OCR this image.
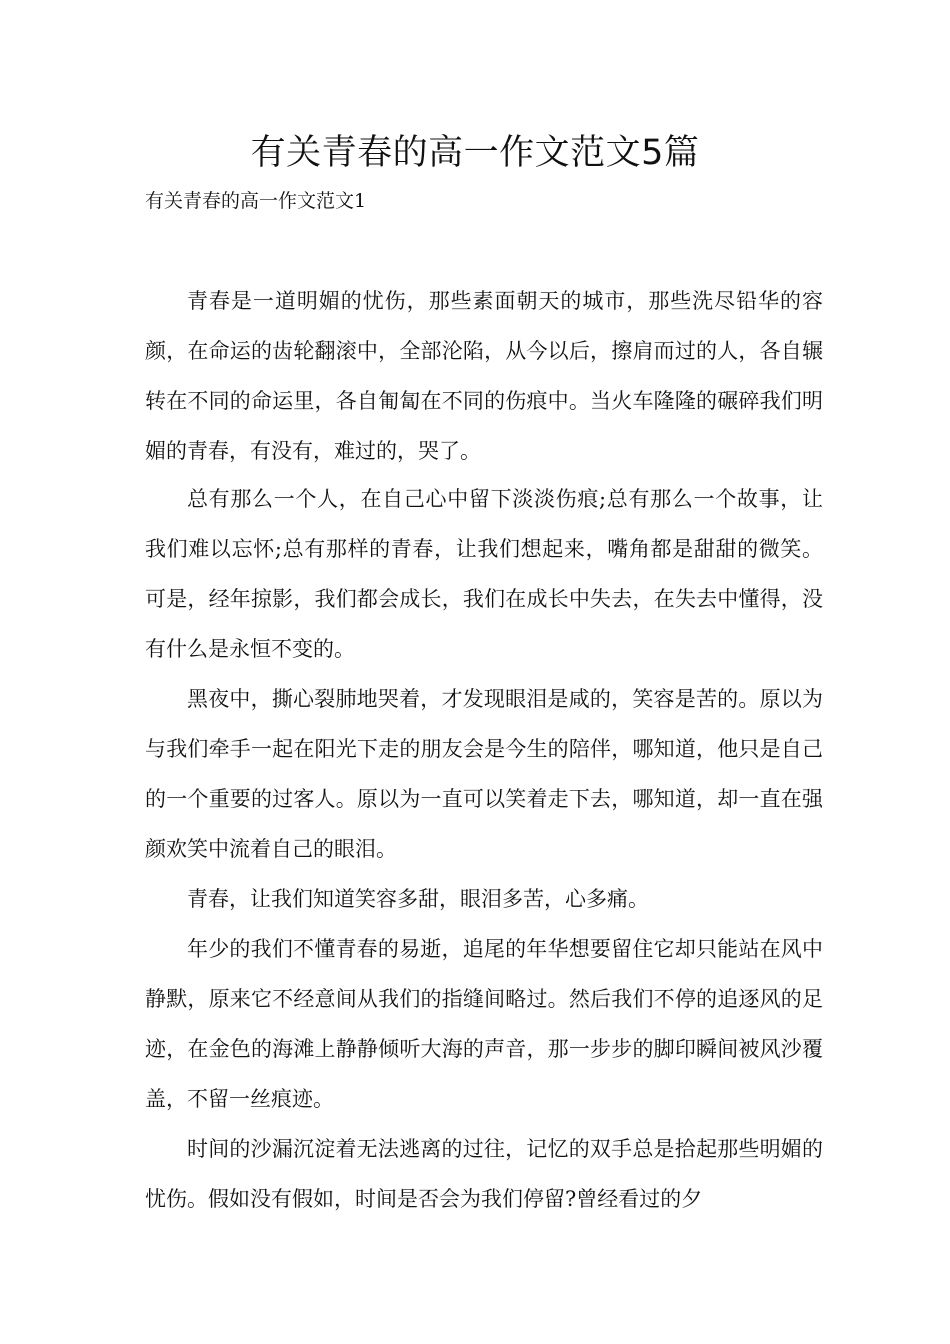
有关青春的高一作文范文5篇

有关青春的高一作文范文1

青春是一道明媚的忧伤，那些素面朝天的城市，那些洗尽铅华的容颜，在命运的齿轮翻滚中，全部沦陷，从今以后，擦肩而过的人，各自辗转在不同的命运里，各自匍匐在不同的伤痕中。当火车隆隆的碾碎我们明媚的青春，有没有，难过的，哭了。

总有那么一个人，在自己心中留下淡淡伤痕;总有那么一个故事，让我们难以忘怀;总有那样的青春，让我们想起来，嘴角都是甜甜的微笑。可是，经年掠影，我们都会成长，我们在成长中失去，在失去中懂得，没有什么是永恒不变的。

黑夜中，撕心裂肺地哭着，才发现眼泪是咸的，笑容是苦的。原以为与我们牵手一起在阳光下走的朋友会是今生的陪伴，哪知道，他只是自己的一个重要的过客人。原以为一直可以笑着走下去，哪知道，却一直在强颜欢笑中流着自己的眼泪。

青春，让我们知道笑容多甜，眼泪多苦，心多痛。

年少的我们不懂青春的易逝，追尾的年华想要留住它却只能站在风中静默，原来它不经意间从我们的指缝间略过。然后我们不停的追逐风的足迹，在金色的海滩上静静倾听大海的声音，那一步步的脚印瞬间被风沙覆盖，不留一丝痕迹。

时间的沙漏沉淀着无法逃离的过往，记忆的双手总是拾起那些明媚的忧伤。假如没有假如，时间是否会为我们停留?曾经看过的夕
